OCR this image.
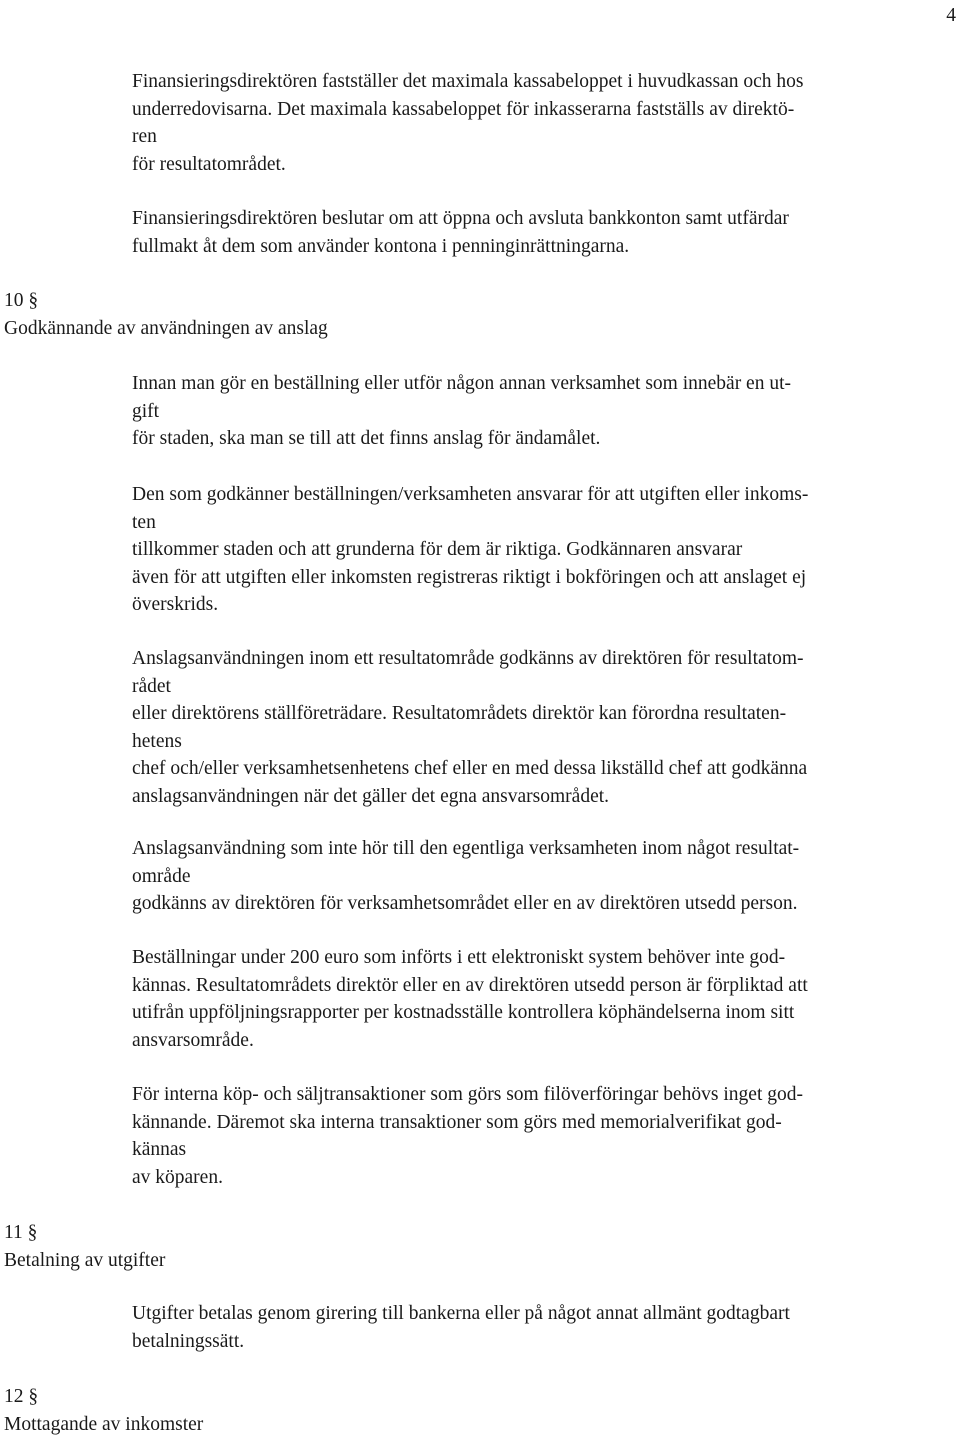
4

Finansieringsdirektören fastställer det maximala kassabeloppet i huvudkassan och hos
underredovisarna. Det maximala kassabeloppet för inkasserarna fastställs av direktö-
ren
för resultatområdet.

Finansieringsdirektören beslutar om att öppna och avsluta bankkonton samt utfärdar
fullmakt åt dem som använder kontona i penninginrättningarna.

10 §
Godkännande av användningen av anslag

Innan man gör en beställning eller utför någon annan verksamhet som innebär en ut-
gift
för staden, ska man se till att det finns anslag för ändamålet.

Den som godkänner beställningen/verksamheten ansvarar för att utgiften eller inkoms-
ten
tillkommer staden och att grunderna för dem är riktiga. Godkännaren ansvarar
även för att utgiften eller inkomsten registreras riktigt i bokföringen och att anslaget ej
överskrids.

Anslagsanvändningen inom ett resultatområde godkänns av direktören för resultatom-
rådet
eller direktörens ställföreträdare. Resultatområdets direktör kan förordna resultaten-
hetens
chef och/eller verksamhetsenhetens chef eller en med dessa likställd chef att godkänna
anslagsanvändningen när det gäller det egna ansvarsområdet.

Anslagsanvändning som inte hör till den egentliga verksamheten inom något resultat-
område
godkänns av direktören för verksamhetsområdet eller en av direktören utsedd person.

Beställningar under 200 euro som införts i ett elektroniskt system behöver inte god-
kännas. Resultatområdets direktör eller en av direktören utsedd person är förpliktad att
utifrån uppföljningsrapporter per kostnadsställe kontrollera köphändelserna inom sitt
ansvarsområde.

För interna köp- och säljtransaktioner som görs som filöverföringar behövs inget god-
kännande. Däremot ska interna transaktioner som görs med memorialverifikat god-
kännas
av köparen.

11 §
Betalning av utgifter

Utgifter betalas genom girering till bankerna eller på något annat allmänt godtagbart
betalningssätt.

12 §
Mottagande av inkomster
